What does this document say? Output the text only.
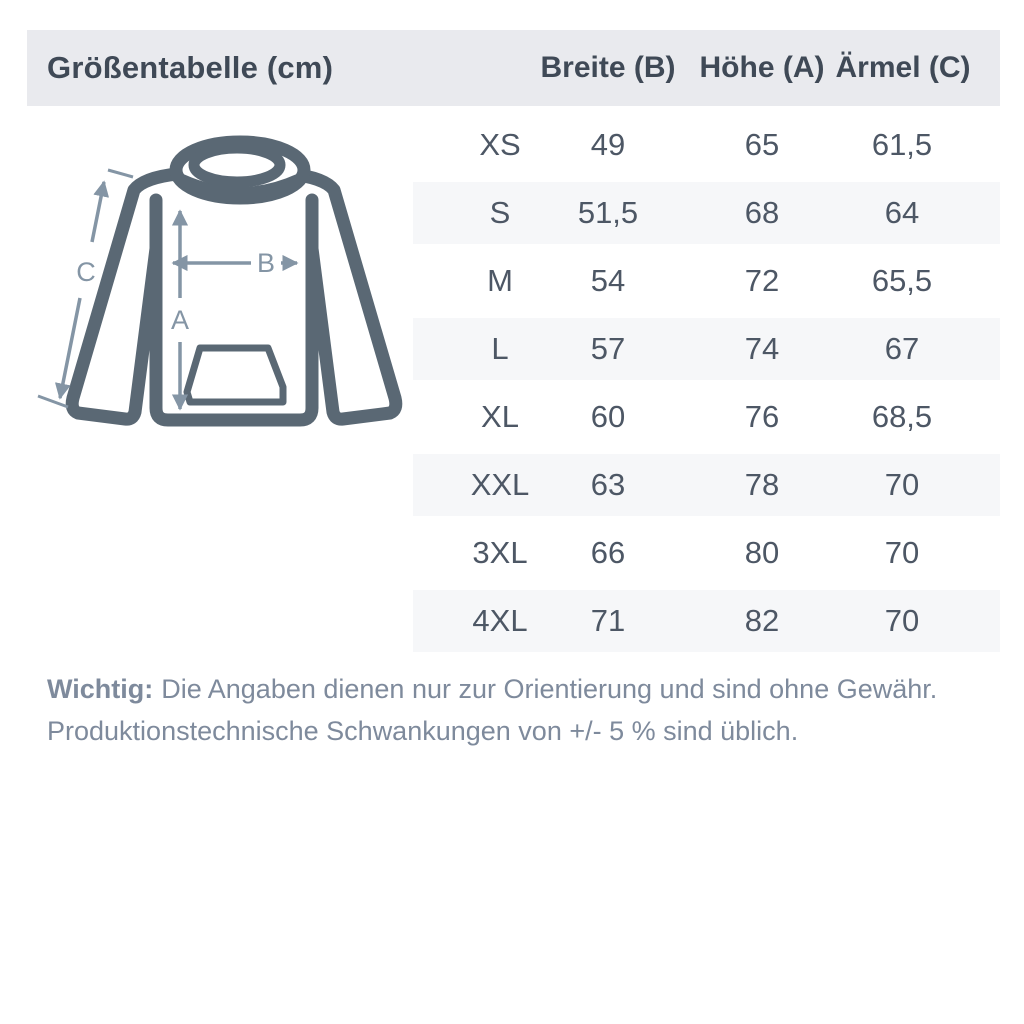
Größentabelle (cm)	Breite (B) Höhe (A) Ärmel (C)
A
B
C
XS 49	65	61,5
S 51,5	68	64
M	54	72	65,5
L	57	74	67
XL 60	76	68,5
XXL 63	78	70
3XL 66	80	70
4XL 71	82	70

Wichtig: Die Angaben dienen nur zur Orientierung und sind ohne Gewähr.
Produktionstechnische Schwankungen von +/- 5 % sind üblich.
